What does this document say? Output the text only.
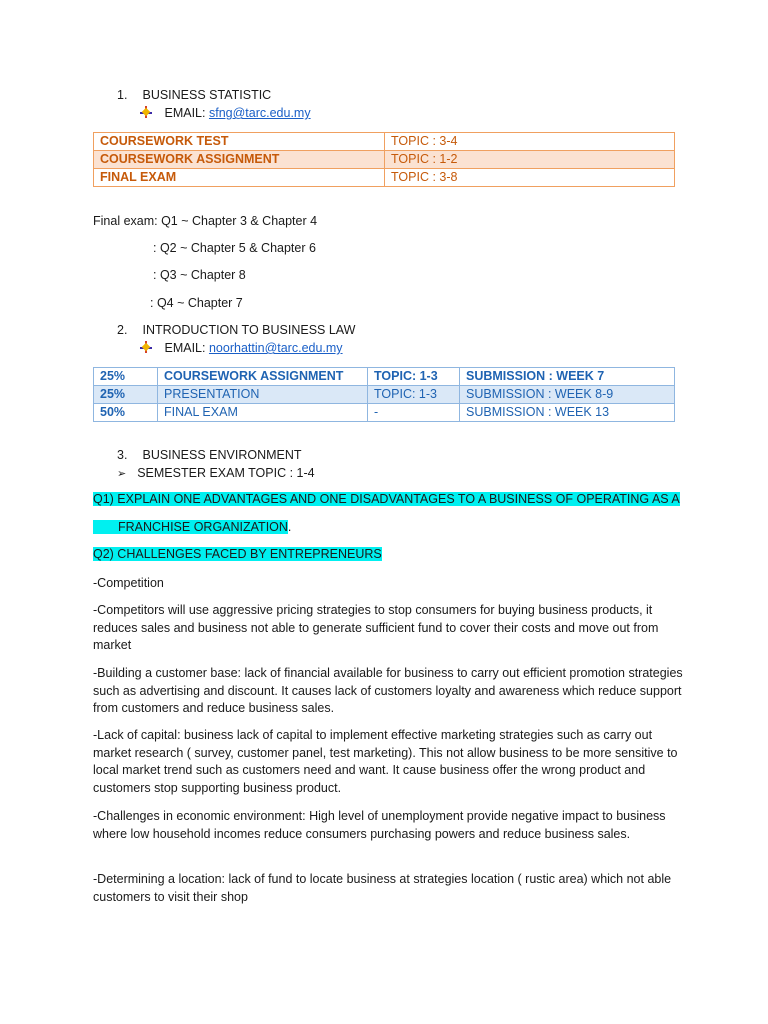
1. BUSINESS STATISTIC
EMAIL: sfng@tarc.edu.my
COURSEWORK TEST	TOPIC : 3-4
COURSEWORK ASSIGNMENT	TOPIC : 1-2
FINAL EXAM	TOPIC : 3-8
Final exam: Q1 ~ Chapter 3 & Chapter 4
: Q2 ~ Chapter 5 & Chapter 6
: Q3 ~ Chapter 8
: Q4 ~ Chapter 7
2. INTRODUCTION TO BUSINESS LAW
EMAIL: noorhattin@tarc.edu.my
25%	COURSEWORK ASSIGNMENT	TOPIC: 1-3	SUBMISSION : WEEK 7
25%	PRESENTATION	TOPIC: 1-3	SUBMISSION : WEEK 8-9
50%	FINAL EXAM	-	SUBMISSION : WEEK 13
3. BUSINESS ENVIRONMENT
➢ SEMESTER EXAM TOPIC : 1-4
Q1) EXPLAIN ONE ADVANTAGES AND ONE DISADVANTAGES TO A BUSINESS OF OPERATING AS A
FRANCHISE ORGANIZATION.
Q2) CHALLENGES FACED BY ENTREPRENEURS
-Competition
-Competitors will use aggressive pricing strategies to stop consumers for buying business products, it reduces sales and business not able to generate sufficient fund to cover their costs and move out from market
-Building a customer base: lack of financial available for business to carry out efficient promotion strategies such as advertising and discount. It causes lack of customers loyalty and awareness which reduce support from customers and reduce business sales.
-Lack of capital: business lack of capital to implement effective marketing strategies such as carry out market research ( survey, customer panel, test marketing). This not allow business to be more sensitive to local market trend such as customers need and want. It cause business offer the wrong product and customers stop supporting business product.
-Challenges in economic environment: High level of unemployment provide negative impact to business where low household incomes reduce consumers purchasing powers and reduce business sales.
-Determining a location: lack of fund to locate business at strategies location ( rustic area) which not able customers to visit their shop
